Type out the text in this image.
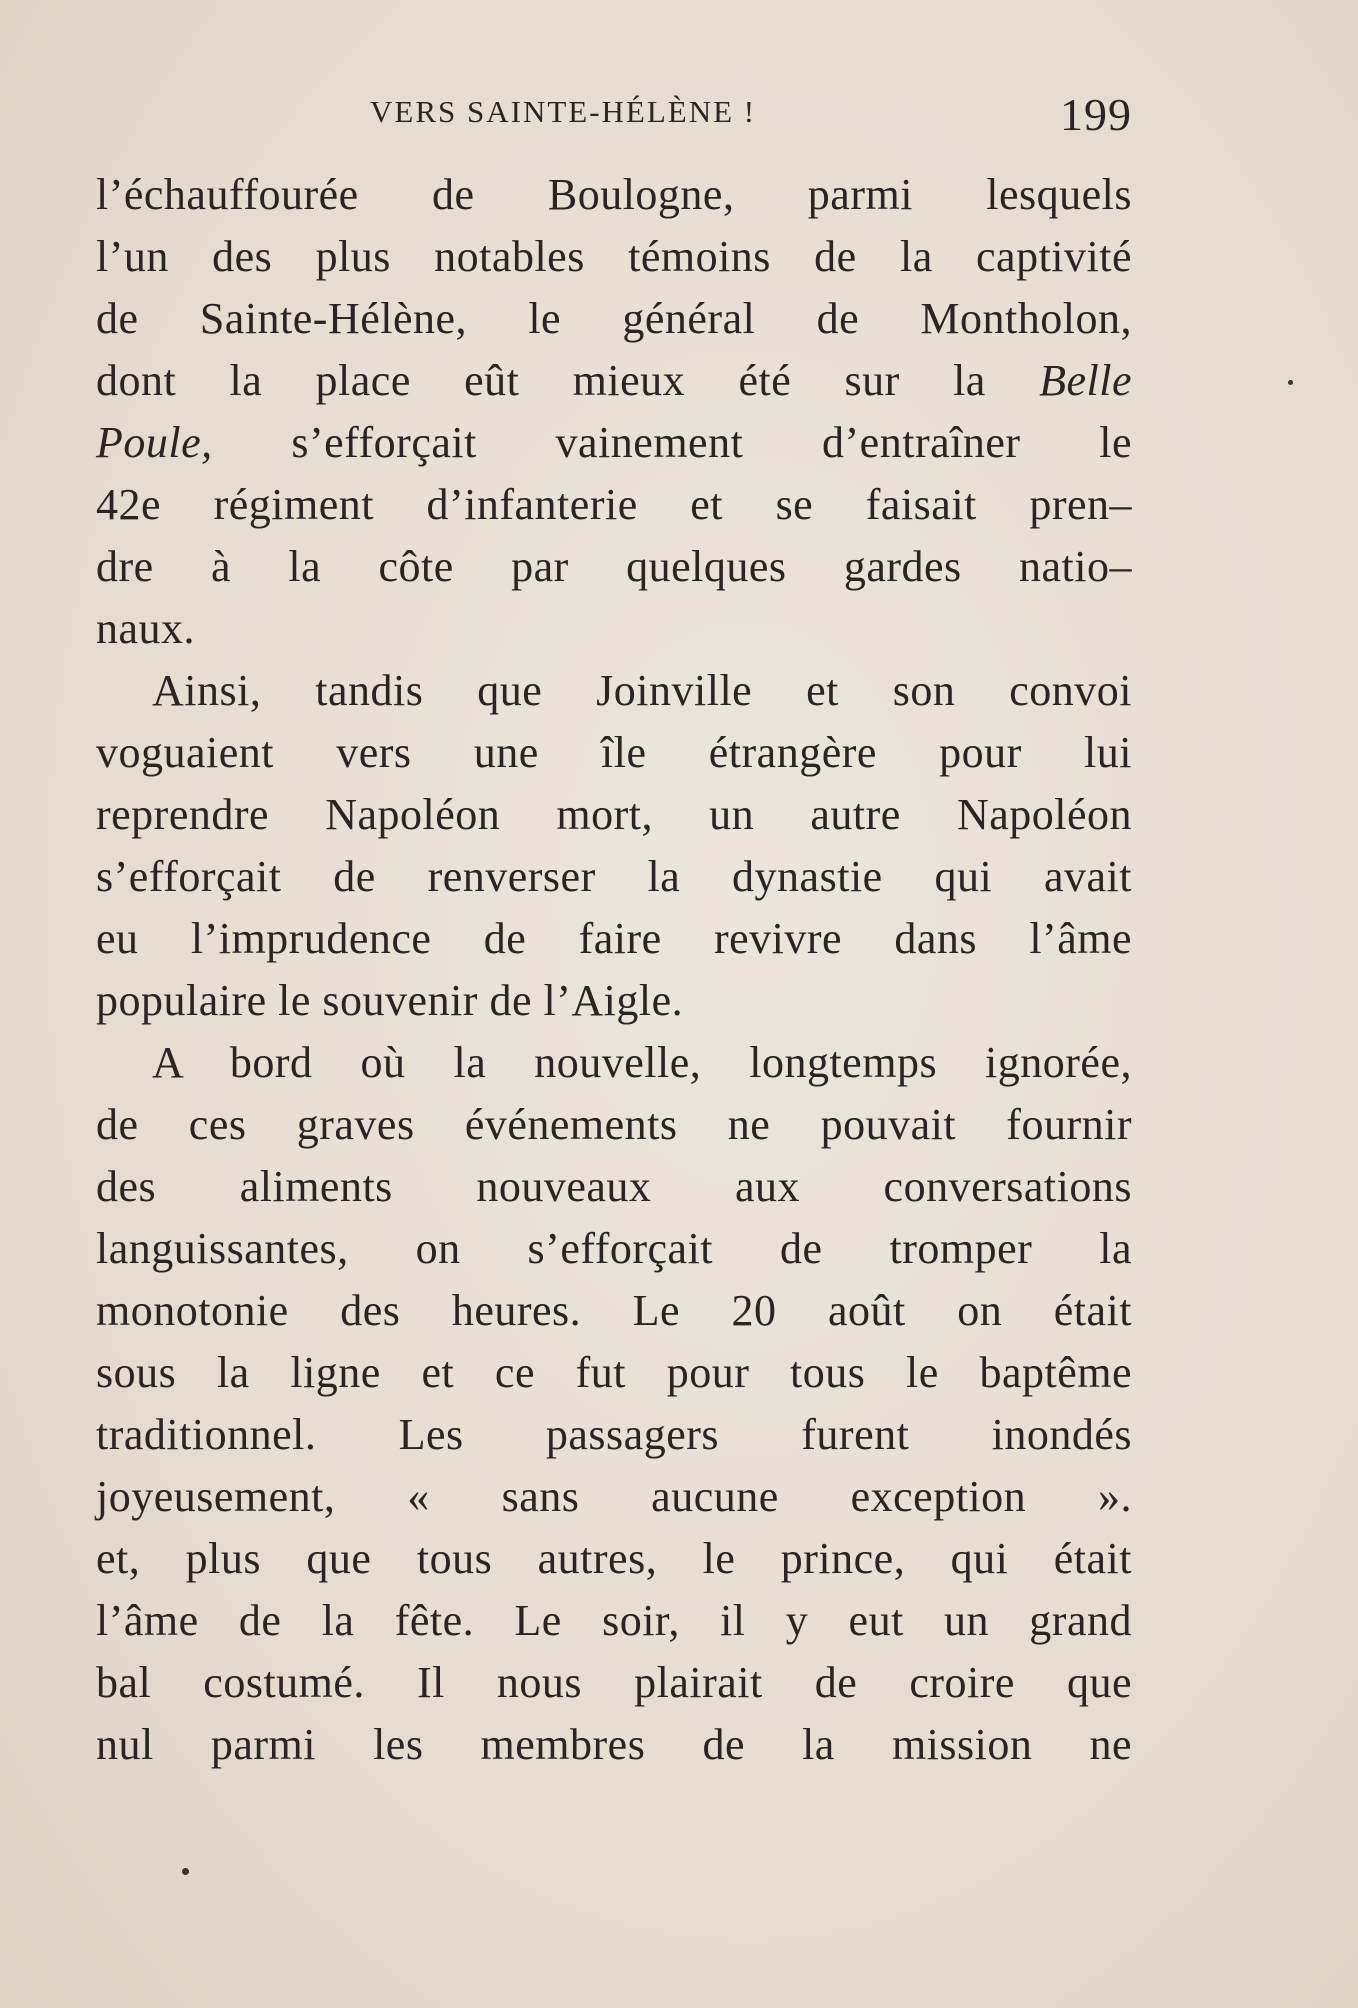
VERS SAINTE-HÉLÈNE !	199
l’échauffourée de Boulogne, parmi lesquels
l’un des plus notables témoins de la captivité
de Sainte-Hélène, le général de Montholon,
dont la place eût mieux été sur la Belle
Poule, s’efforçait vainement d’entraîner le
42e régiment d’infanterie et se faisait pren–
dre à la côte par quelques gardes natio–
naux.
Ainsi, tandis que Joinville et son convoi
voguaient vers une île étrangère pour lui
reprendre Napoléon mort, un autre Napoléon
s’efforçait de renverser la dynastie qui avait
eu l’imprudence de faire revivre dans l’âme
populaire le souvenir de l’Aigle.
A bord où la nouvelle, longtemps ignorée,
de ces graves événements ne pouvait fournir
des aliments nouveaux aux conversations
languissantes, on s’efforçait de tromper la
monotonie des heures. Le 20 août on était
sous la ligne et ce fut pour tous le baptême
traditionnel. Les passagers furent inondés
joyeusement, « sans aucune exception ».
et, plus que tous autres, le prince, qui était
l’âme de la fête. Le soir, il y eut un grand
bal costumé. Il nous plairait de croire que
nul parmi les membres de la mission ne
